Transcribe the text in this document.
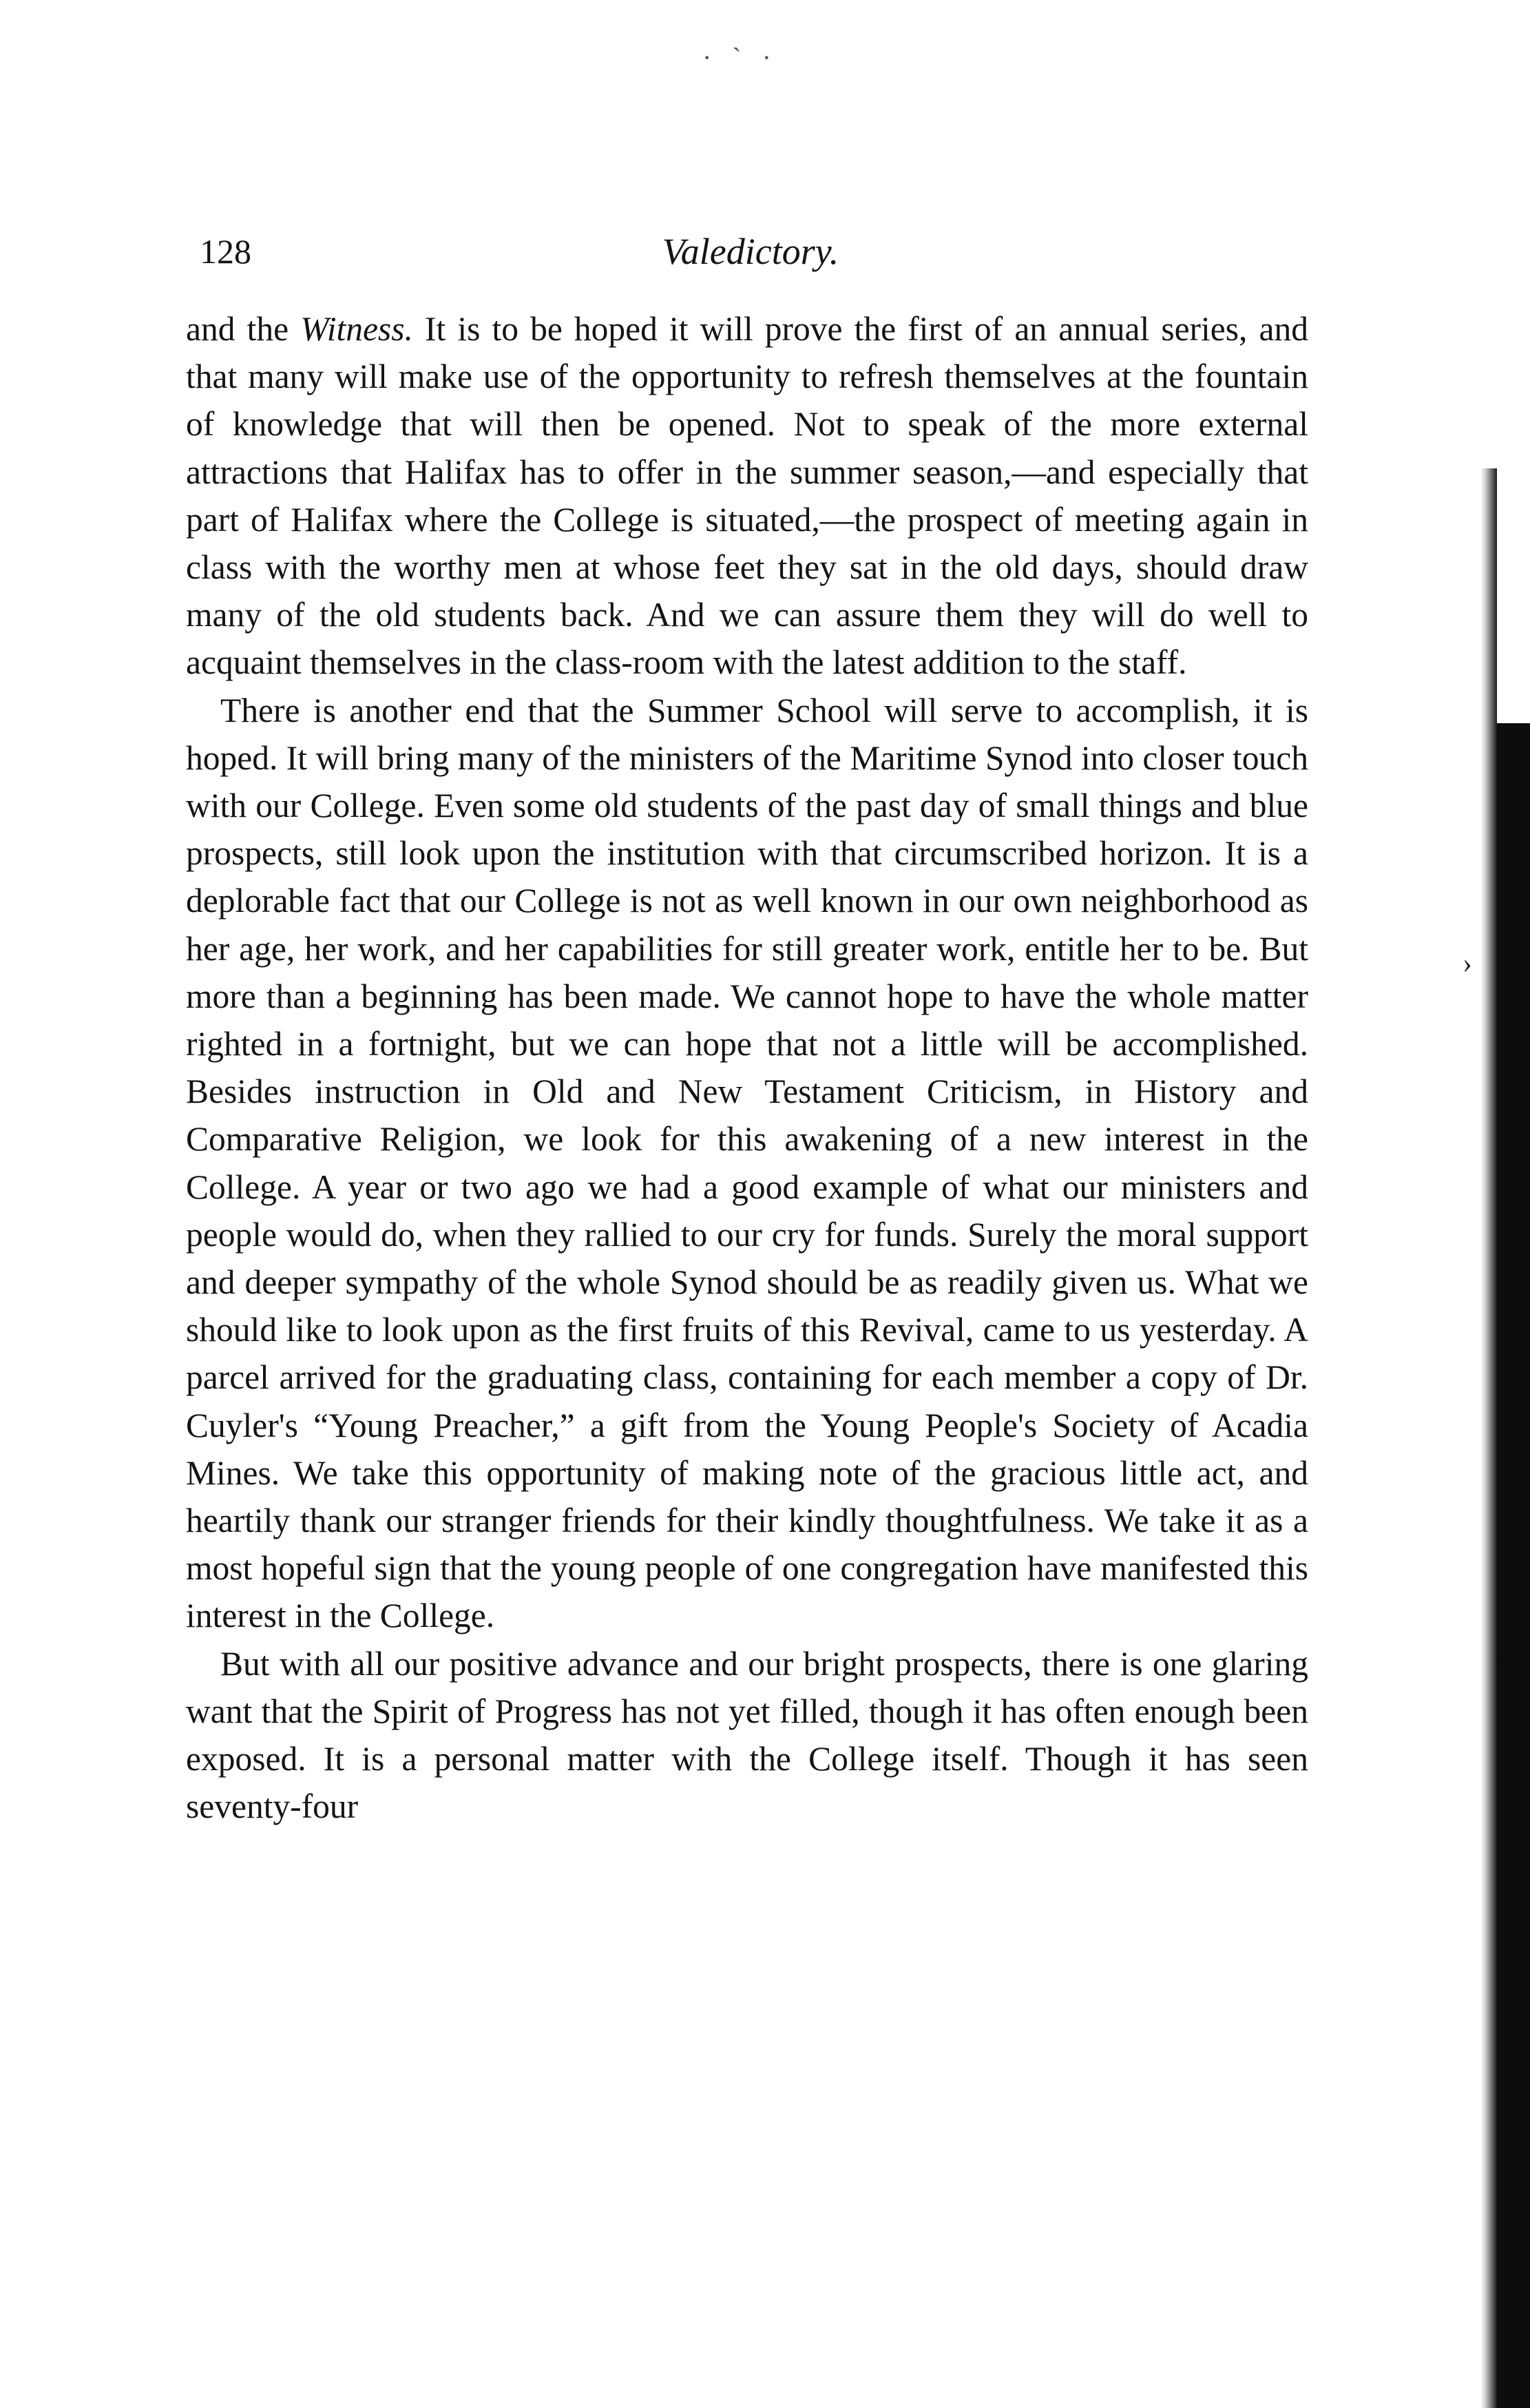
·   `   ·
128	Valedictory.

and the Witness. It is to be hoped it will prove the first of an annual series, and that many will make use of the opportunity to refresh themselves at the fountain of knowledge that will then be opened. Not to speak of the more external attractions that Halifax has to offer in the summer season,—and especially that part of Halifax where the College is situated,—the prospect of meeting again in class with the worthy men at whose feet they sat in the old days, should draw many of the old students back. And we can assure them they will do well to acquaint themselves in the class-room with the latest addition to the staff.

There is another end that the Summer School will serve to accomplish, it is hoped. It will bring many of the ministers of the Maritime Synod into closer touch with our College. Even some old students of the past day of small things and blue prospects, still look upon the institution with that circumscribed horizon. It is a deplorable fact that our College is not as well known in our own neighborhood as her age, her work, and her capabilities for still greater work, entitle her to be. But more than a beginning has been made. We cannot hope to have the whole matter righted in a fortnight, but we can hope that not a little will be accomplished. Besides instruction in Old and New Testament Criticism, in History and Comparative Religion, we look for this awakening of a new interest in the College. A year or two ago we had a good example of what our ministers and people would do, when they rallied to our cry for funds. Surely the moral support and deeper sympathy of the whole Synod should be as readily given us. What we should like to look upon as the first fruits of this Revival, came to us yesterday. A parcel arrived for the graduating class, containing for each member a copy of Dr. Cuyler's “Young Preacher,” a gift from the Young People's Society of Acadia Mines. We take this opportunity of making note of the gracious little act, and heartily thank our stranger friends for their kindly thoughtfulness. We take it as a most hopeful sign that the young people of one congregation have manifested this interest in the College.

But with all our positive advance and our bright prospects, there is one glaring want that the Spirit of Progress has not yet filled, though it has often enough been exposed. It is a personal matter with the College itself. Though it has seen seventy-four

›
